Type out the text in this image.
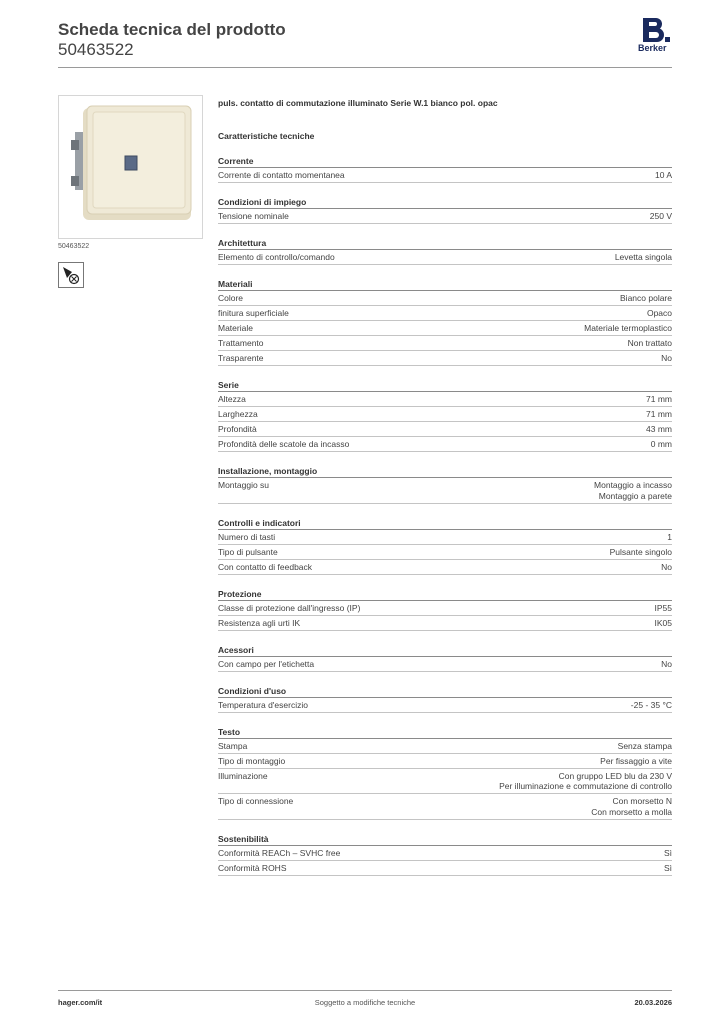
Scheda tecnica del prodotto
50463522	Berker
50463522
puls. contatto di commutazione illuminato Serie W.1 bianco pol. opac
Caratteristiche tecniche
Corrente
Corrente di contatto momentanea	10 A
Condizioni di impiego
Tensione nominale	250 V
Architettura
Elemento di controllo/comando	Levetta singola
Materiali
Colore	Bianco polare
finitura superficiale	Opaco
Materiale	Materiale termoplastico
Trattamento	Non trattato
Trasparente	No
Serie
Altezza	71 mm
Larghezza	71 mm
Profondità	43 mm
Profondità delle scatole da incasso	0 mm
Installazione, montaggio
Montaggio su	Montaggio a incasso
Montaggio a parete
Controlli e indicatori
Numero di tasti	1
Tipo di pulsante	Pulsante singolo
Con contatto di feedback	No
Protezione
Classe di protezione dall'ingresso (IP)	IP55
Resistenza agli urti IK	IK05
Acessori
Con campo per l'etichetta	No
Condizioni d'uso
Temperatura d'esercizio	-25 - 35 °C
Testo
Stampa	Senza stampa
Tipo di montaggio	Per fissaggio a vite
Illuminazione	Con gruppo LED blu da 230 V
Per illuminazione e commutazione di controllo
Tipo di connessione	Con morsetto N
Con morsetto a molla
Sostenibilità
Conformità REACh – SVHC free	Sì
Conformità ROHS	Sì
hager.com/it	Soggetto a modifiche tecniche	20.03.2026
